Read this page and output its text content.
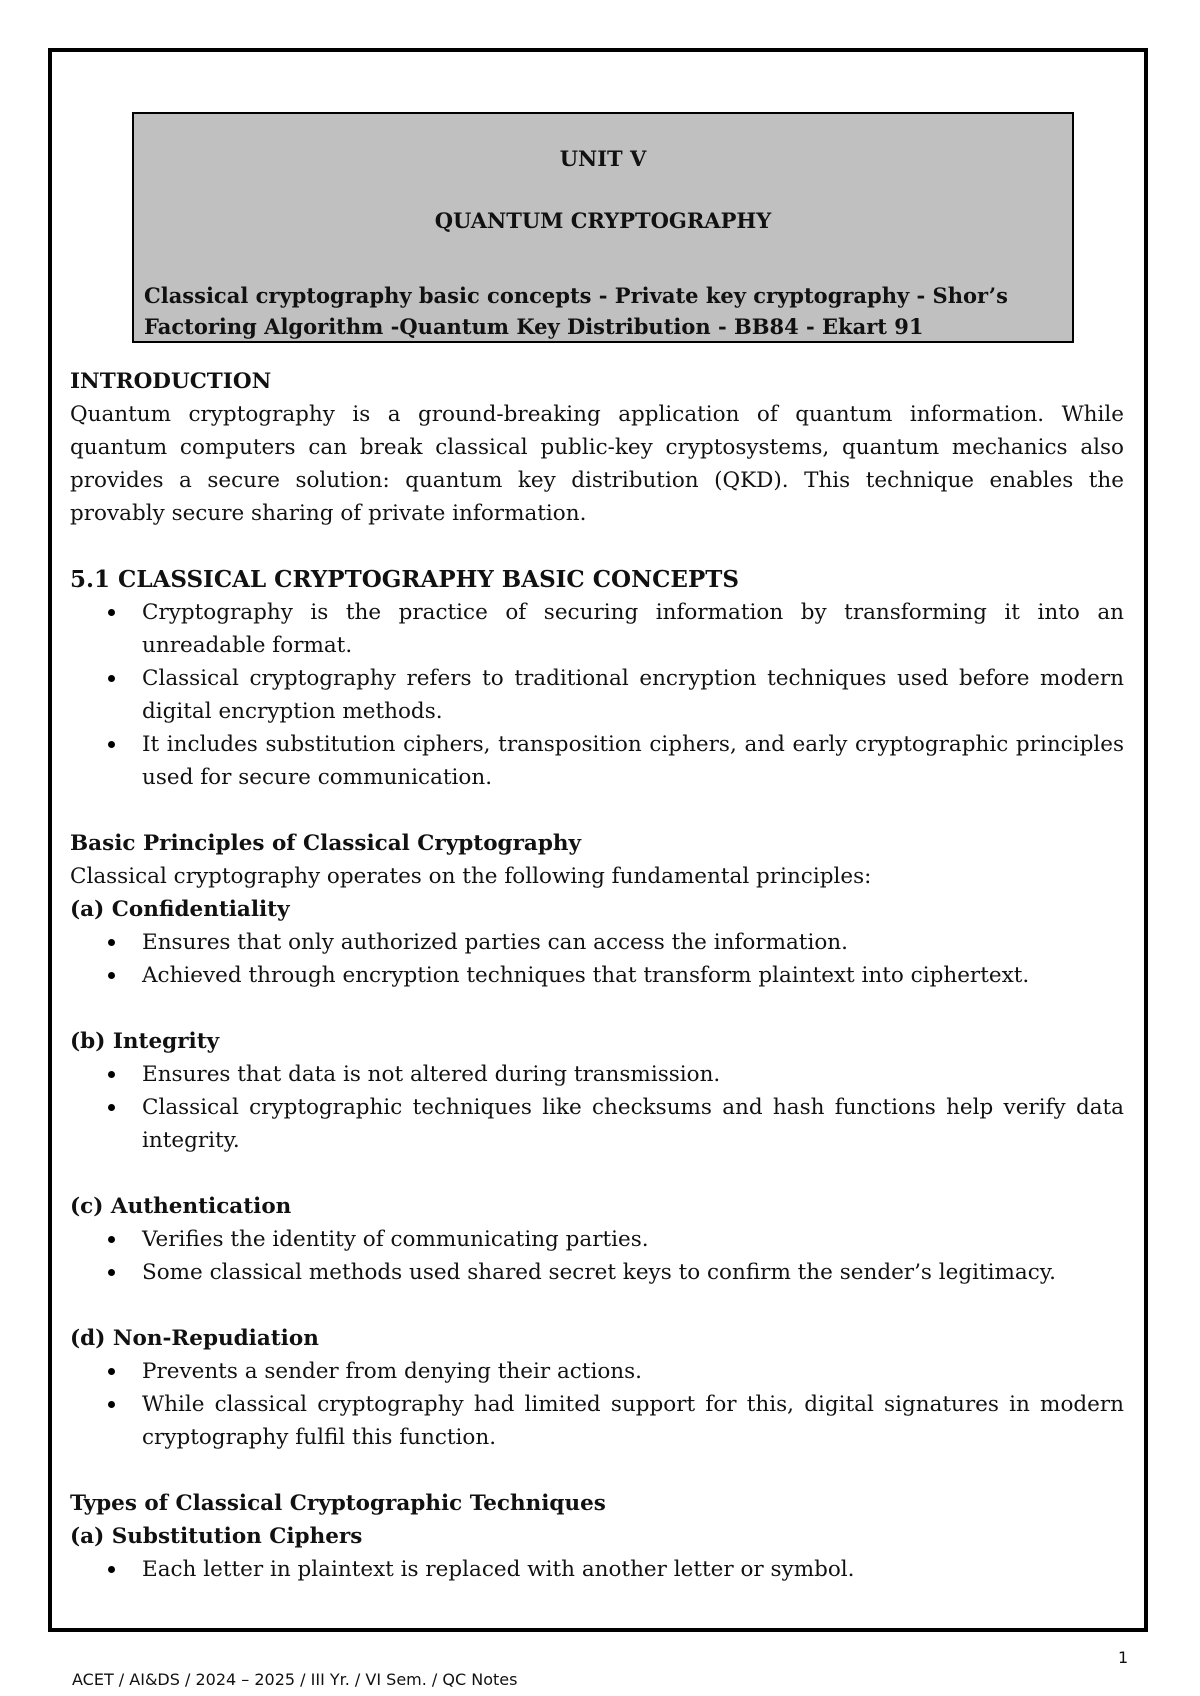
UNIT V
QUANTUM CRYPTOGRAPHY
Classical cryptography basic concepts - Private key cryptography - Shor’s
Factoring Algorithm -Quantum Key Distribution - BB84 - Ekart 91
INTRODUCTION

Quantum cryptography is a ground-breaking application of quantum information. While quantum computers can break classical public-key cryptosystems, quantum mechanics also provides a secure solution: quantum key distribution (QKD). This technique enables the provably secure sharing of private information.

5.1 CLASSICAL CRYPTOGRAPHY BASIC CONCEPTS
Cryptography is the practice of securing information by transforming it into an unreadable format.
Classical cryptography refers to traditional encryption techniques used before modern digital encryption methods.
It includes substitution ciphers, transposition ciphers, and early cryptographic principles used for secure communication.
Basic Principles of Classical Cryptography

Classical cryptography operates on the following fundamental principles:

(a) Confidentiality
Ensures that only authorized parties can access the information.
Achieved through encryption techniques that transform plaintext into ciphertext.
(b) Integrity
Ensures that data is not altered during transmission.
Classical cryptographic techniques like checksums and hash functions help verify data integrity.
(c) Authentication
Verifies the identity of communicating parties.
Some classical methods used shared secret keys to confirm the sender’s legitimacy.
(d) Non-Repudiation
Prevents a sender from denying their actions.
While classical cryptography had limited support for this, digital signatures in modern cryptography fulfil this function.
Types of Classical Cryptographic Techniques
(a) Substitution Ciphers
Each letter in plaintext is replaced with another letter or symbol.
1
ACET / AI&DS / 2024 – 2025 / III Yr. / VI Sem. / QC Notes
